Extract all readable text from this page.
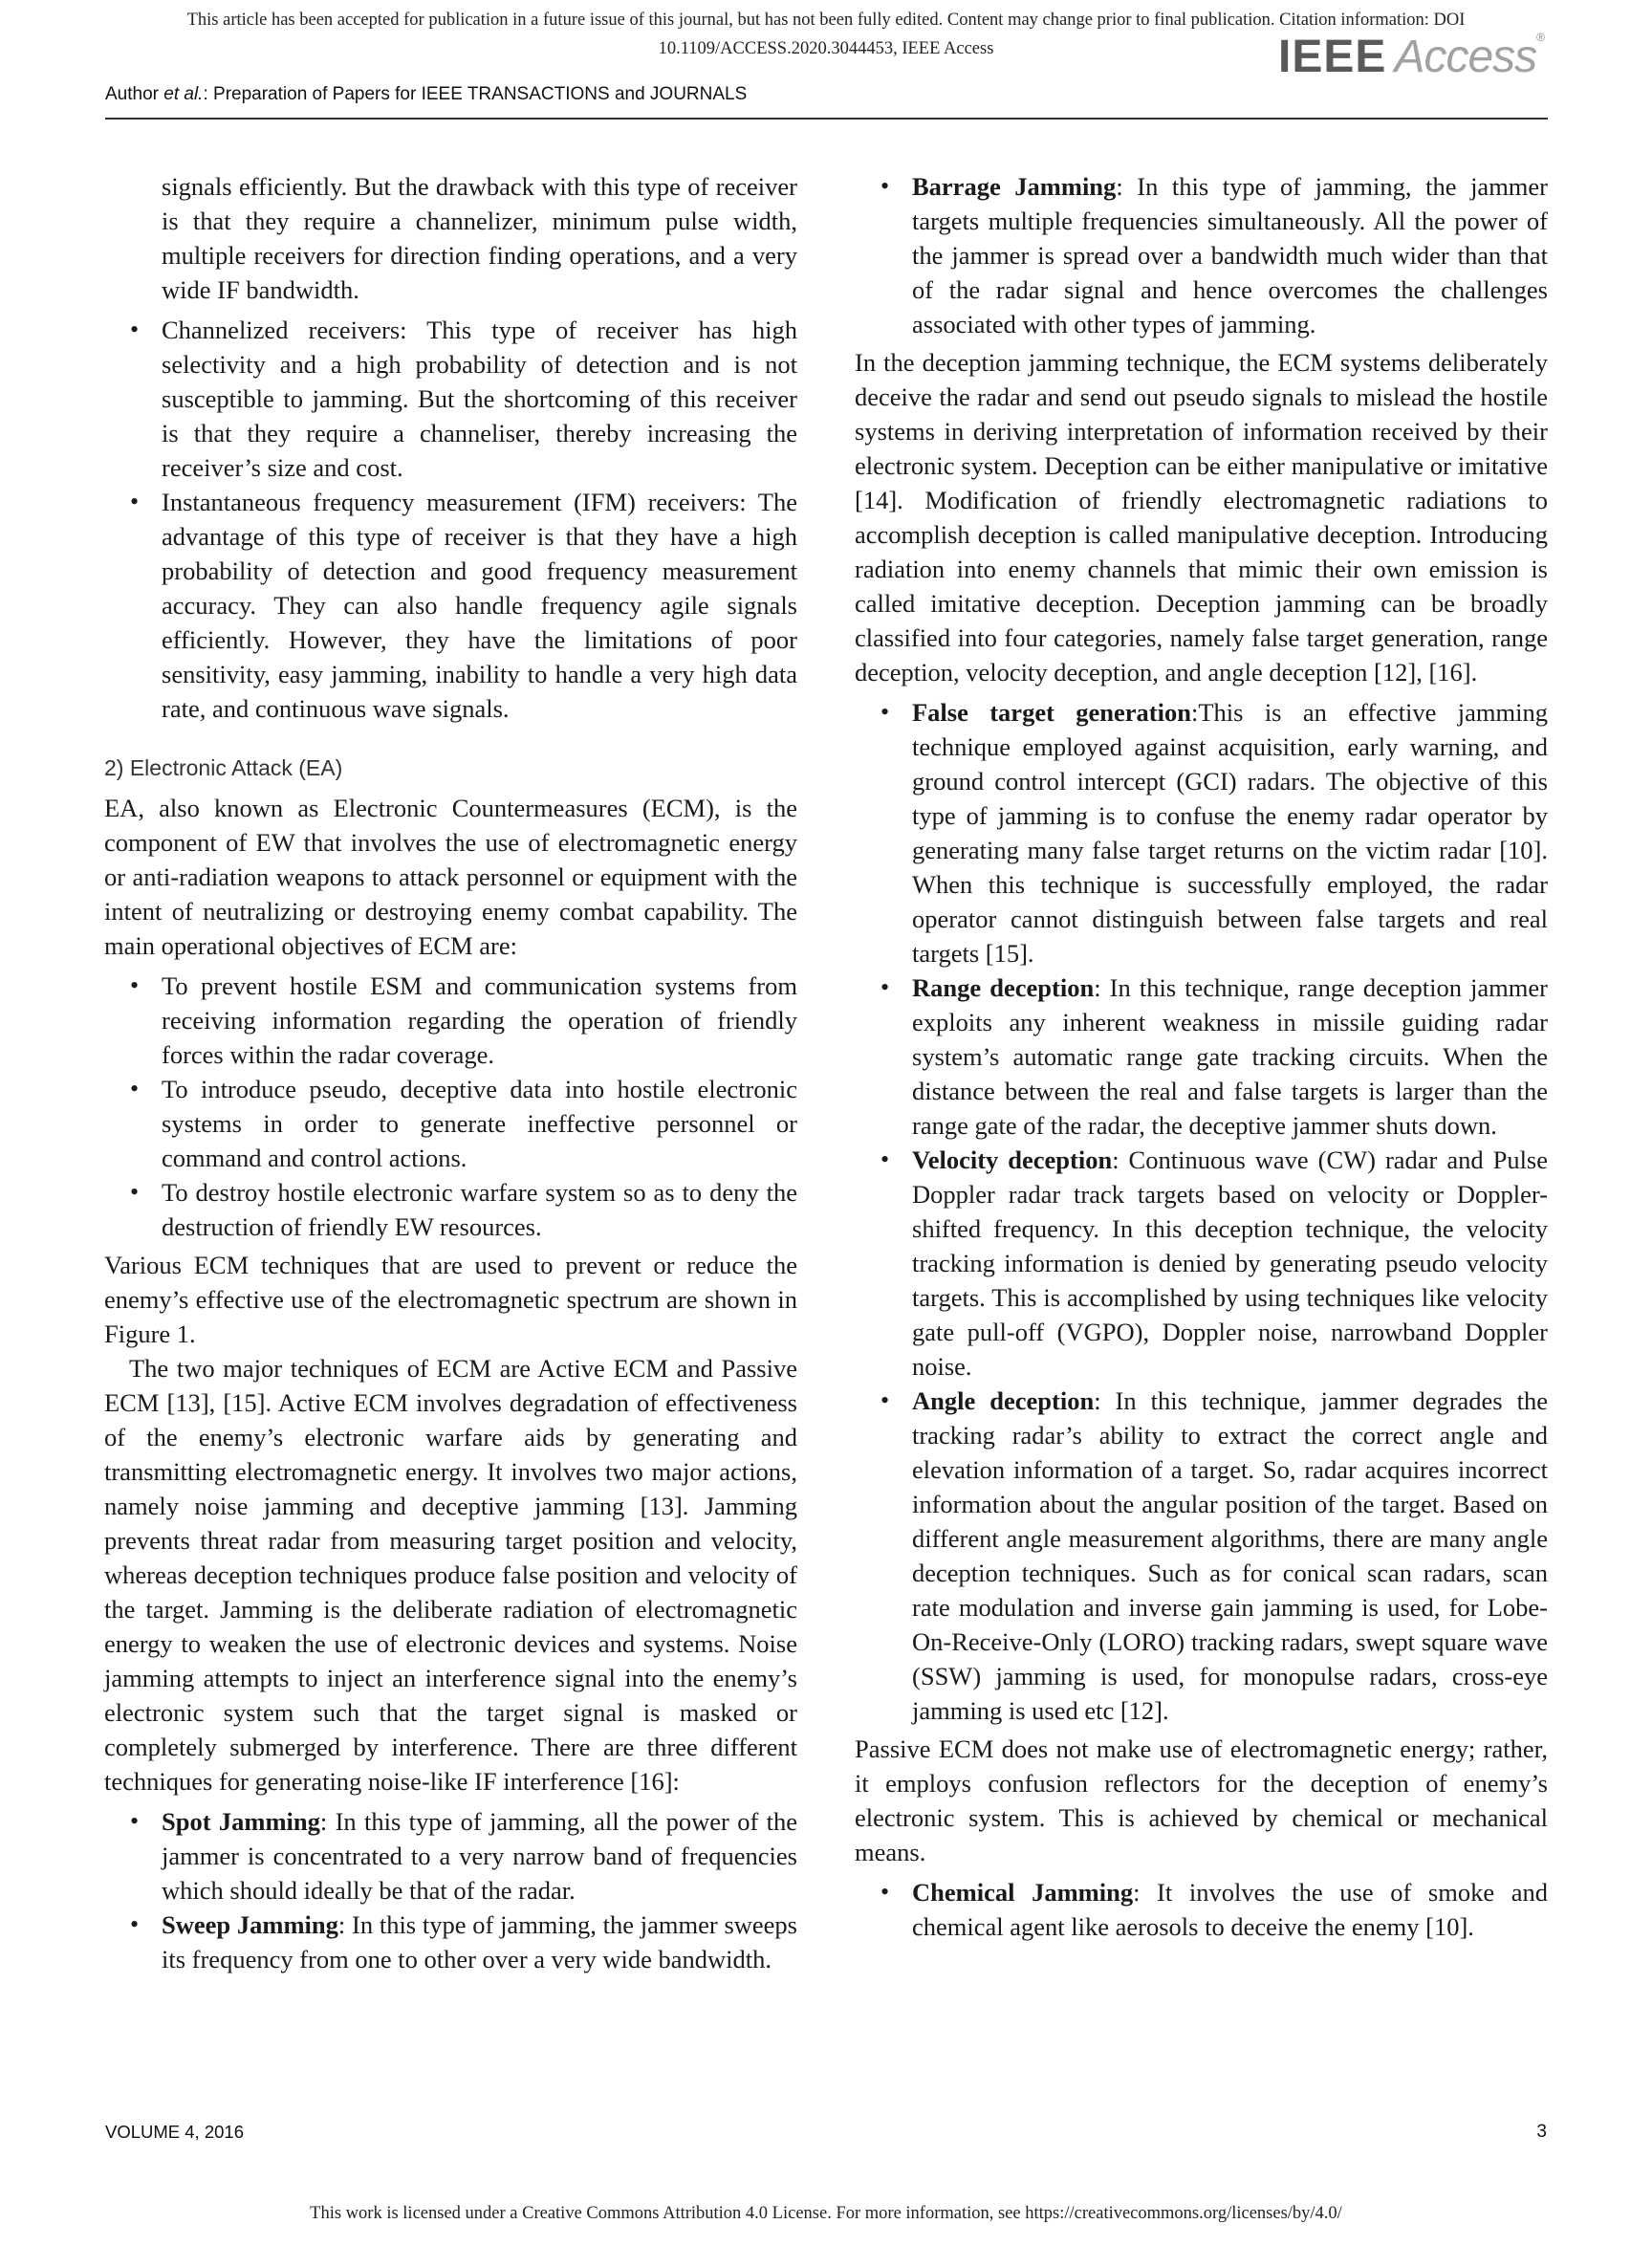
This article has been accepted for publication in a future issue of this journal, but has not been fully edited. Content may change prior to final publication. Citation information: DOI
10.1109/ACCESS.2020.3044453, IEEE Access	IEEE Access®
Author et al.: Preparation of Papers for IEEE TRANSACTIONS and JOURNALS

signals efficiently. But the drawback with this type of receiver is that they require a channelizer, minimum pulse width, multiple receivers for direction finding operations, and a very wide IF bandwidth.

• Channelized receivers: This type of receiver has high selectivity and a high probability of detection and is not susceptible to jamming. But the shortcoming of this receiver is that they require a channeliser, thereby increasing the receiver’s size and cost.
• Instantaneous frequency measurement (IFM) receivers: The advantage of this type of receiver is that they have a high probability of detection and good frequency measurement accuracy. They can also handle frequency agile signals efficiently. However, they have the limitations of poor sensitivity, easy jamming, inability to handle a very high data rate, and continuous wave signals.

2) Electronic Attack (EA)

EA, also known as Electronic Countermeasures (ECM), is the component of EW that involves the use of electromagnetic energy or anti-radiation weapons to attack personnel or equipment with the intent of neutralizing or destroying enemy combat capability. The main operational objectives of ECM are:

• To prevent hostile ESM and communication systems from receiving information regarding the operation of friendly forces within the radar coverage.
• To introduce pseudo, deceptive data into hostile electronic systems in order to generate ineffective personnel or command and control actions.
• To destroy hostile electronic warfare system so as to deny the destruction of friendly EW resources.

Various ECM techniques that are used to prevent or reduce the enemy’s effective use of the electromagnetic spectrum are shown in Figure 1.

The two major techniques of ECM are Active ECM and Passive ECM [13], [15]. Active ECM involves degradation of effectiveness of the enemy’s electronic warfare aids by generating and transmitting electromagnetic energy. It involves two major actions, namely noise jamming and deceptive jamming [13]. Jamming prevents threat radar from measuring target position and velocity, whereas deception techniques produce false position and velocity of the target. Jamming is the deliberate radiation of electromagnetic energy to weaken the use of electronic devices and systems. Noise jamming attempts to inject an interference signal into the enemy’s electronic system such that the target signal is masked or completely submerged by interference. There are three different techniques for generating noise-like IF interference [16]:

• Spot Jamming: In this type of jamming, all the power of the jammer is concentrated to a very narrow band of frequencies which should ideally be that of the radar.
• Sweep Jamming: In this type of jamming, the jammer sweeps its frequency from one to other over a very wide bandwidth.
• Barrage Jamming: In this type of jamming, the jammer targets multiple frequencies simultaneously. All the power of the jammer is spread over a bandwidth much wider than that of the radar signal and hence overcomes the challenges associated with other types of jamming.

In the deception jamming technique, the ECM systems deliberately deceive the radar and send out pseudo signals to mislead the hostile systems in deriving interpretation of information received by their electronic system. Deception can be either manipulative or imitative [14]. Modification of friendly electromagnetic radiations to accomplish deception is called manipulative deception. Introducing radiation into enemy channels that mimic their own emission is called imitative deception. Deception jamming can be broadly classified into four categories, namely false target generation, range deception, velocity deception, and angle deception [12], [16].

• False target generation:This is an effective jamming technique employed against acquisition, early warning, and ground control intercept (GCI) radars. The objective of this type of jamming is to confuse the enemy radar operator by generating many false target returns on the victim radar [10]. When this technique is successfully employed, the radar operator cannot distinguish between false targets and real targets [15].
• Range deception: In this technique, range deception jammer exploits any inherent weakness in missile guiding radar system’s automatic range gate tracking circuits. When the distance between the real and false targets is larger than the range gate of the radar, the deceptive jammer shuts down.
• Velocity deception: Continuous wave (CW) radar and Pulse Doppler radar track targets based on velocity or Doppler-shifted frequency. In this deception technique, the velocity tracking information is denied by generating pseudo velocity targets. This is accomplished by using techniques like velocity gate pull-off (VGPO), Doppler noise, narrowband Doppler noise.
• Angle deception: In this technique, jammer degrades the tracking radar’s ability to extract the correct angle and elevation information of a target. So, radar acquires incorrect information about the angular position of the target. Based on different angle measurement algorithms, there are many angle deception techniques. Such as for conical scan radars, scan rate modulation and inverse gain jamming is used, for Lobe-On-Receive-Only (LORO) tracking radars, swept square wave (SSW) jamming is used, for monopulse radars, cross-eye jamming is used etc [12].

Passive ECM does not make use of electromagnetic energy; rather, it employs confusion reflectors for the deception of enemy’s electronic system. This is achieved by chemical or mechanical means.

• Chemical Jamming: It involves the use of smoke and chemical agent like aerosols to deceive the enemy [10].
VOLUME 4, 2016	3
This work is licensed under a Creative Commons Attribution 4.0 License. For more information, see https://creativecommons.org/licenses/by/4.0/
